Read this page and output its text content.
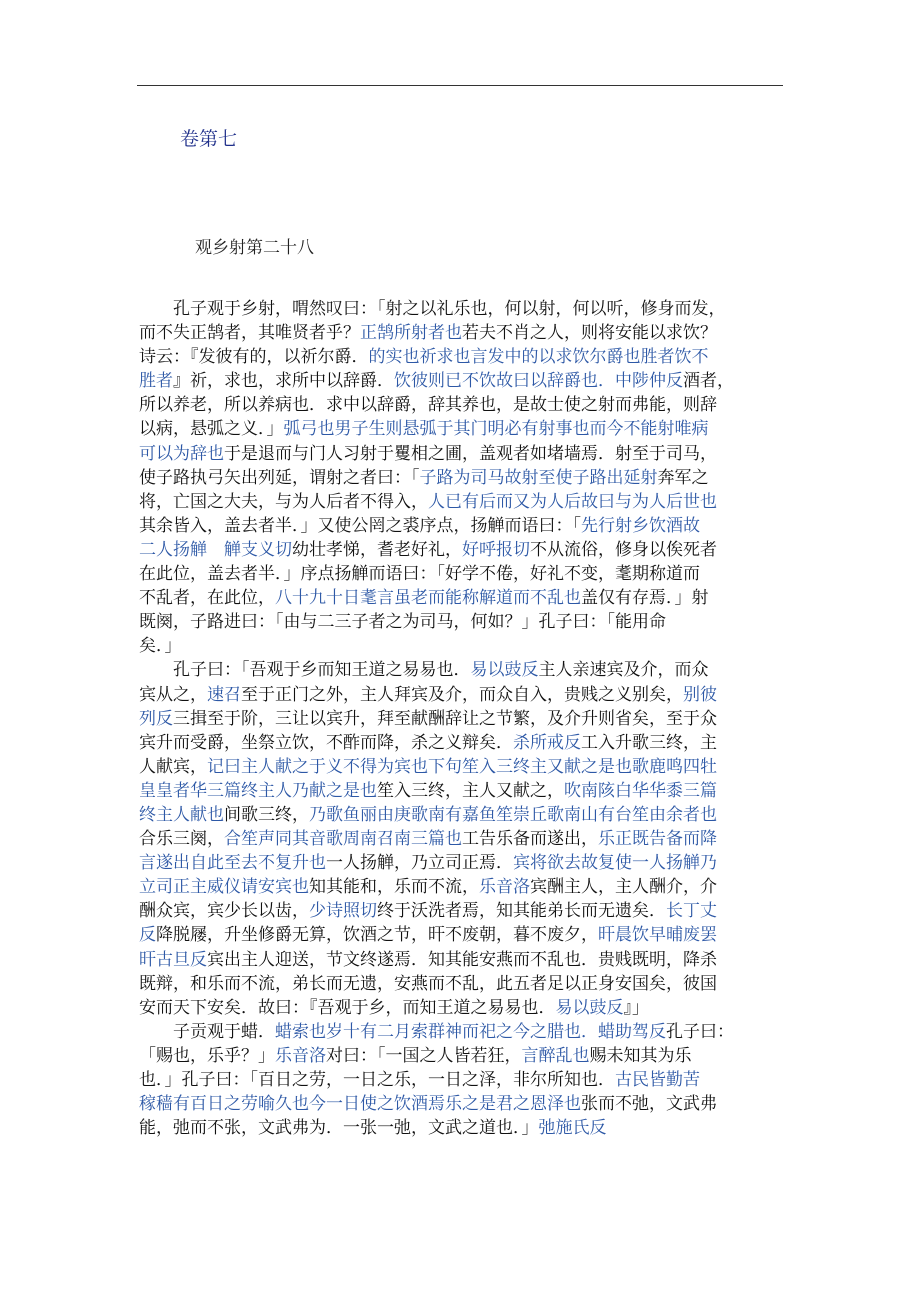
卷第七
观乡射第二十八
　　孔子观于乡射，喟然叹曰：「射之以礼乐也，何以射，何以听，修身而发，
而不失正鹄者，其唯贤者乎？正鹄所射者也若夫不肖之人，则将安能以求饮？
诗云：『发彼有的，以祈尔爵．的实也祈求也言发中的以求饮尔爵也胜者饮不
胜者』祈，求也，求所中以辞爵．饮彼则已不饮故曰以辞爵也．中陟仲反酒者，
所以养老，所以养病也．求中以辞爵，辞其养也，是故士使之射而弗能，则辞
以病，悬弧之义．」弧弓也男子生则悬弧于其门明必有射事也而今不能射唯病
可以为辞也于是退而与门人习射于矍相之圃，盖观者如堵墙焉．射至于司马，
使子路执弓矢出列延，谓射之者曰：「子路为司马故射至使子路出延射奔军之
将，亡国之大夫，与为人后者不得入，人已有后而又为人后故曰与为人后世也
其余皆入，盖去者半．」又使公罔之裘序点，扬觯而语曰：「先行射乡饮酒故
二人扬觯　觯支义切幼壮孝悌，耆老好礼，好呼报切不从流俗，修身以俟死者
在此位，盖去者半．」序点扬觯而语曰：「好学不倦，好礼不变，耄期称道而
不乱者，在此位，八十九十日耄言虽老而能称解道而不乱也盖仅有存焉．」射
既阕，子路进曰：「由与二三子者之为司马，何如？」孔子曰：「能用命
矣．」
　　孔子曰：「吾观于乡而知王道之易易也．易以豉反主人亲速宾及介，而众
宾从之，速召至于正门之外，主人拜宾及介，而众自入，贵贱之义别矣，别彼
列反三揖至于阶，三让以宾升，拜至献酬辞让之节繁，及介升则省矣，至于众
宾升而受爵，坐祭立饮，不酢而降，杀之义辩矣．杀所戒反工入升歌三终，主
人献宾，记曰主人献之于义不得为宾也下句笙入三终主又献之是也歌鹿鸣四牡
皇皇者华三篇终主人乃献之是也笙入三终，主人又献之，吹南陔白华华黍三篇
终主人献也间歌三终，乃歌鱼丽由庚歌南有嘉鱼笙崇丘歌南山有台笙由余者也
合乐三阕，合笙声同其音歌周南召南三篇也工告乐备而遂出，乐正既告备而降
言遂出自此至去不复升也一人扬觯，乃立司正焉．宾将欲去故复使一人扬觯乃
立司正主威仪请安宾也知其能和，乐而不流，乐音洛宾酬主人，主人酬介，介
酬众宾，宾少长以齿，少诗照切终于沃洗者焉，知其能弟长而无遗矣．长丁丈
反降脱屦，升坐修爵无算，饮酒之节，旰不废朝，暮不废夕，旰晨饮早晡废罢
旰古旦反宾出主人迎送，节文终遂焉．知其能安燕而不乱也．贵贱既明，降杀
既辩，和乐而不流，弟长而无遗，安燕而不乱，此五者足以正身安国矣，彼国
安而天下安矣．故曰：『吾观于乡，而知王道之易易也．易以豉反』」
　　子贡观于蜡．蜡索也岁十有二月索群神而祀之今之腊也．蜡助驾反孔子曰：
「赐也，乐乎？」乐音洛对曰：「一国之人皆若狂，言醉乱也赐未知其为乐
也．」孔子曰：「百日之劳，一日之乐，一日之泽，非尔所知也．古民皆勤苦
稼穑有百日之劳喻久也今一日使之饮酒焉乐之是君之恩泽也张而不弛，文武弗
能，弛而不张，文武弗为．一张一弛，文武之道也．」弛施氏反
